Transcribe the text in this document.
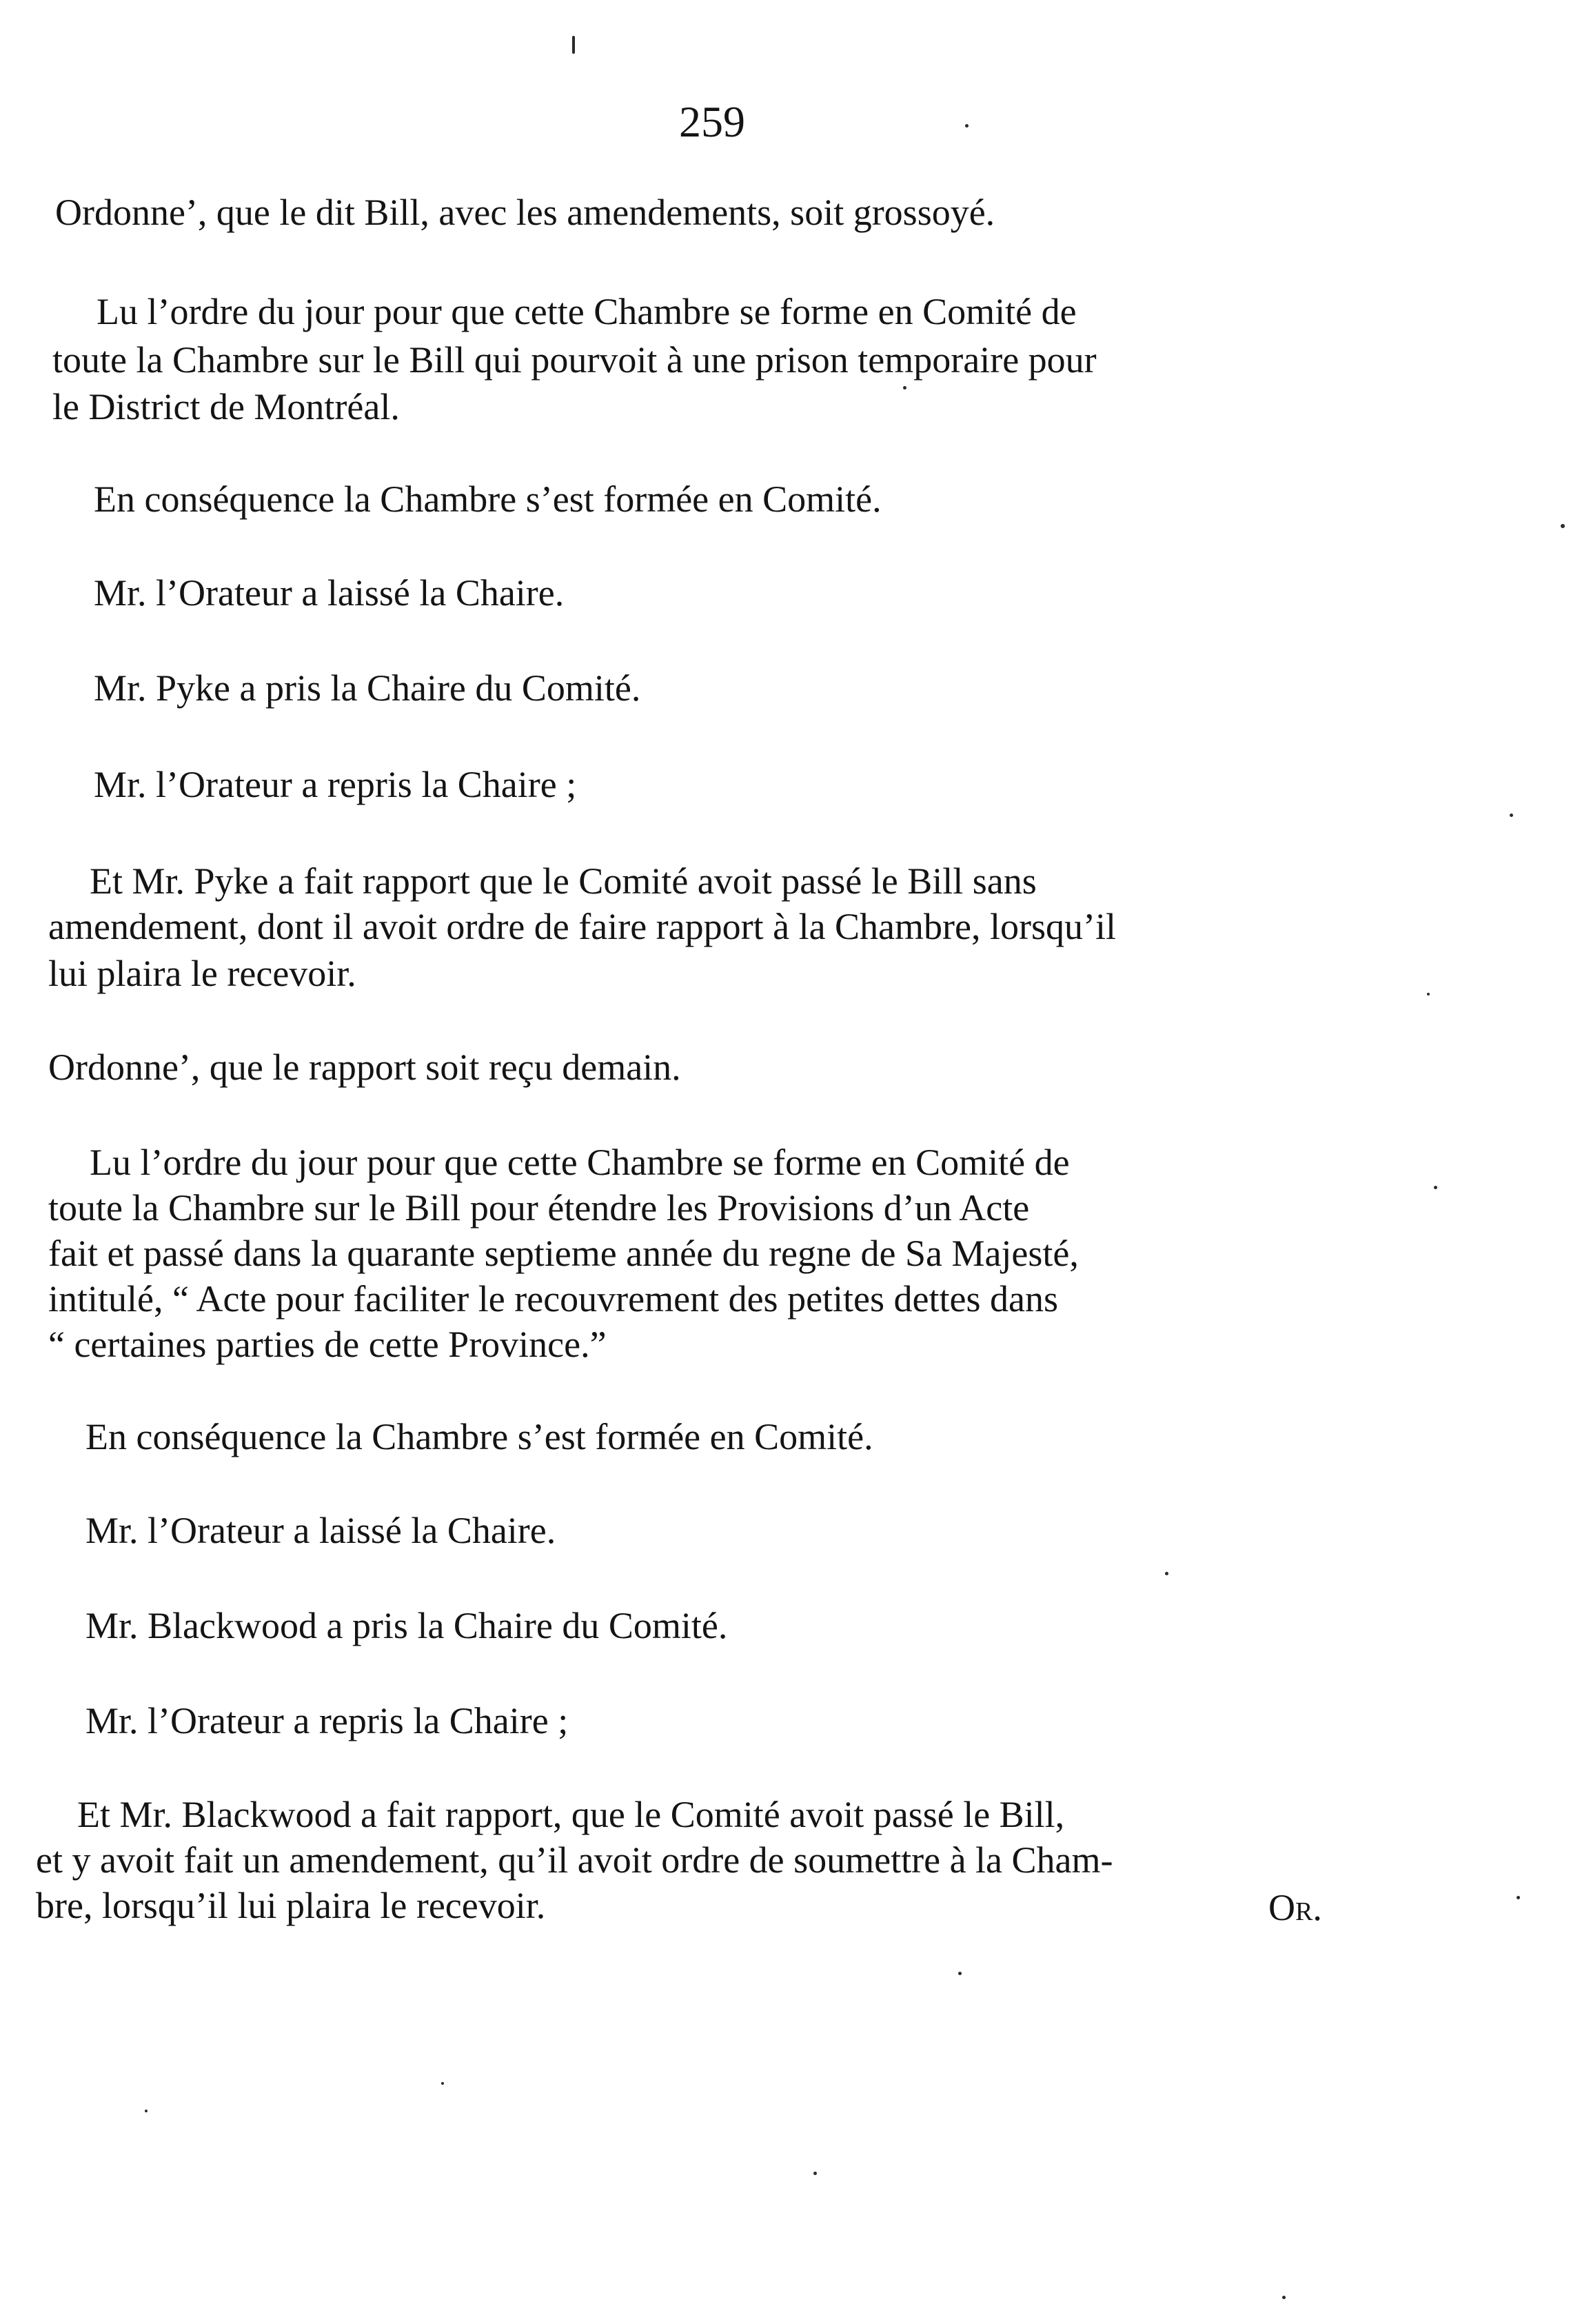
259
Ordonne’, que le dit Bill, avec les amendements, soit grossoyé.
Lu l’ordre du jour pour que cette Chambre se forme en Comité de
toute la Chambre sur le Bill qui pourvoit à une prison temporaire pour
le District de Montréal.
En conséquence la Chambre s’est formée en Comité.
Mr. l’Orateur a laissé la Chaire.
Mr. Pyke a pris la Chaire du Comité.
Mr. l’Orateur a repris la Chaire ;
Et Mr. Pyke a fait rapport que le Comité avoit passé le Bill sans
amendement, dont il avoit ordre de faire rapport à la Chambre, lorsqu’il
lui plaira le recevoir.
Ordonne’, que le rapport soit reçu demain.
Lu l’ordre du jour pour que cette Chambre se forme en Comité de
toute la Chambre sur le Bill pour étendre les Provisions d’un Acte
fait et passé dans la quarante septieme année du regne de Sa Majesté,
intitulé, “ Acte pour faciliter le recouvrement des petites dettes dans
“ certaines parties de cette Province.”
En conséquence la Chambre s’est formée en Comité.
Mr. l’Orateur a laissé la Chaire.
Mr. Blackwood a pris la Chaire du Comité.
Mr. l’Orateur a repris la Chaire ;
Et Mr. Blackwood a fait rapport, que le Comité avoit passé le Bill,
et y avoit fait un amendement, qu’il avoit ordre de soumettre à la Cham-
bre, lorsqu’il lui plaira le recevoir.	Or.
